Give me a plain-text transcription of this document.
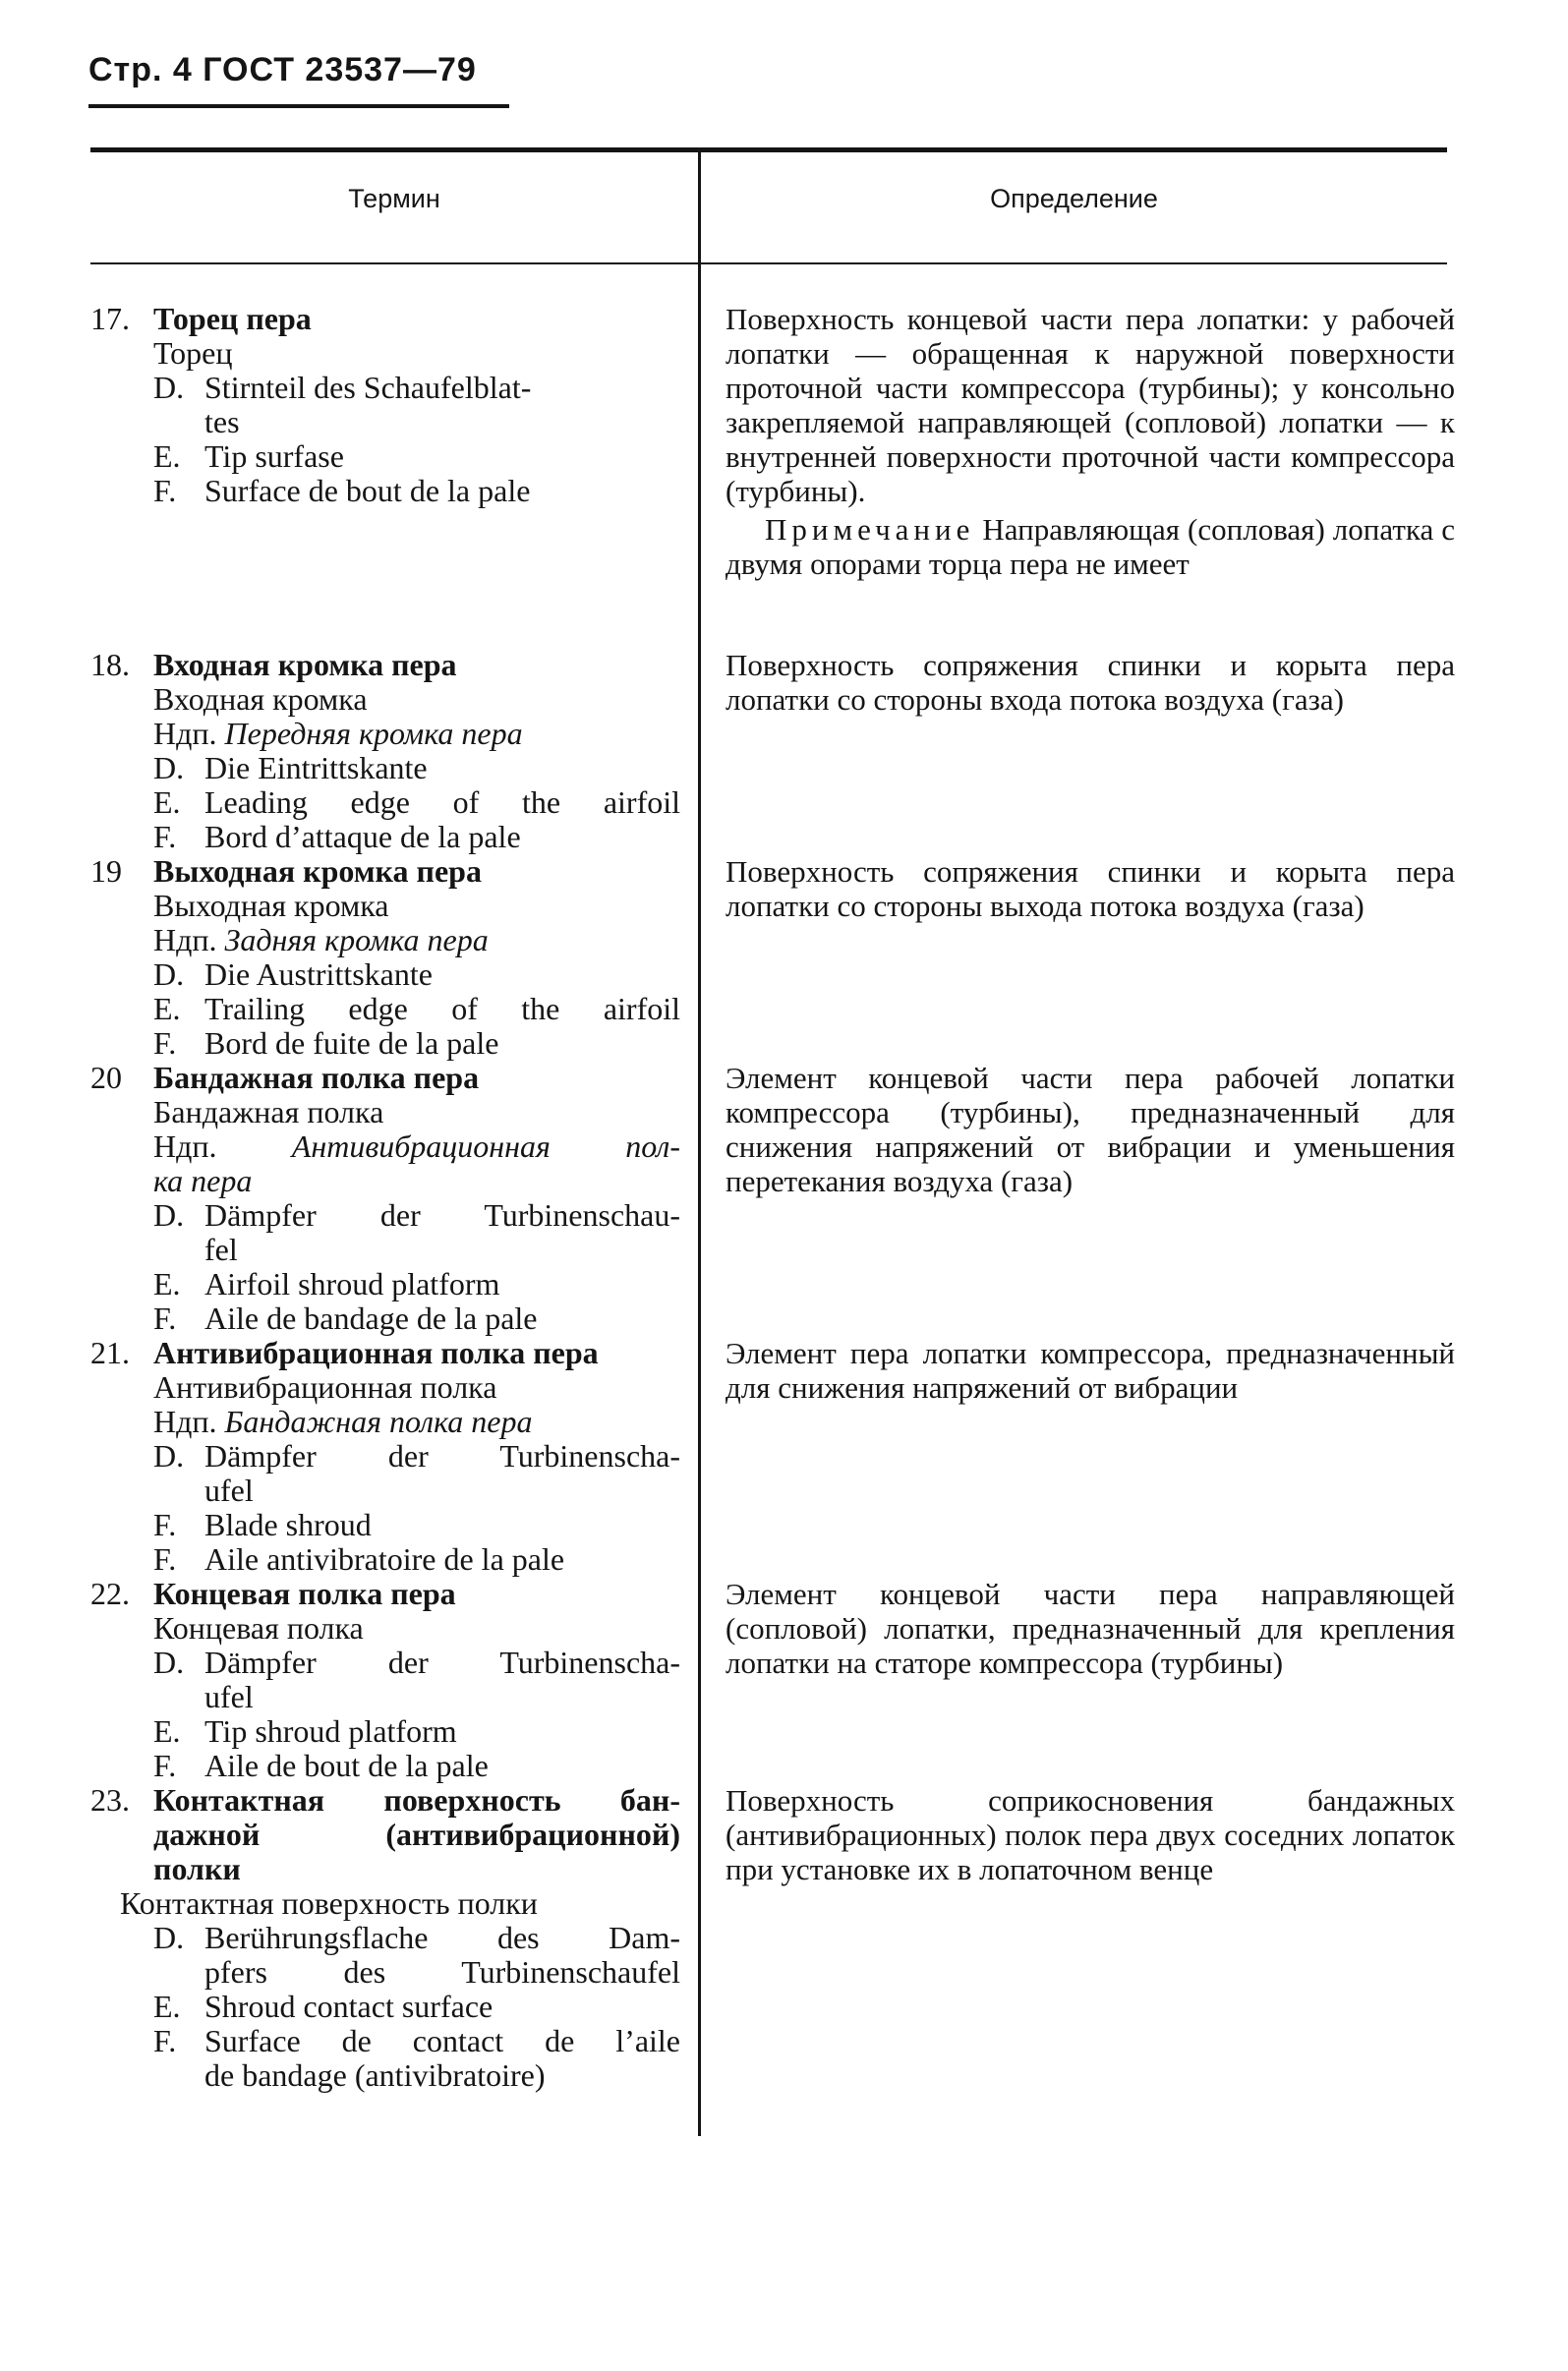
Стр. 4 ГОСТ 23537—79
Термин	Определение
17. Торец пера
Торец
D. Stirnteil des Schaufelblat-
tes
E. Tip surfase
F. Surface de bout de la pale
Поверхность концевой части пера лопатки: у рабочей лопатки — обращенная к наружной поверхности проточной части компрессора (турбины); у консольно закрепляемой направляющей (сопловой) лопатки — к внутренней поверхности проточной части компрессора (турбины).
Примечание Направляющая (сопловая) лопатка с двумя опорами торца пера не имеет
18. Входная кромка пера
Входная кромка
Ндп. Передняя кромка пера
D. Die Eintrittskante
E. Leading edge of the airfoil
F. Bord d’attaque de la pale
Поверхность сопряжения спинки и корыта пера лопатки со стороны входа потока воздуха (газа)
19 Выходная кромка пера
Выходная кромка
Ндп. Задняя кромка пера
D. Die Austrittskante
E. Trailing edge of the airfoil
F. Bord de fuite de la pale
Поверхность сопряжения спинки и корыта пера лопатки со стороны выхода потока воздуха (газа)
20 Бандажная полка пера
Бандажная полка
Ндп. Антивибрационная пол-
ка пера
D. Dämpfer der Turbinenschau-
fel
E. Airfoil shroud platform
F. Aile de bandage de la pale
Элемент концевой части пера рабочей лопатки компрессора (турбины), предназначенный для снижения напряжений от вибрации и уменьшения перетекания воздуха (газа)
21. Антивибрационная полка пера
Антивибрационная полка
Ндп. Бандажная полка пера
D. Dämpfer der Turbinenscha-
ufel
F. Blade shroud
F. Aile antivibratoire de la pale
Элемент пера лопатки компрессора, предназначенный для снижения напряжений от вибрации
22. Концевая полка пера
Концевая полка
D. Dämpfer der Turbinenscha-
ufel
E. Tip shroud platform
F. Aile de bout de la pale
Элемент концевой части пера направляющей (сопловой) лопатки, предназначенный для крепления лопатки на статоре компрессора (турбины)
23. Контактная поверхность бан-
дажной (антивибрационной)
полки
Контактная поверхность полки
D. Berührungsflache des Dam-
pfers des Turbinenschaufel
E. Shroud contact surface
F. Surface de contact de l’aile
de bandage (antivibratoire)
Поверхность соприкосновения бандажных (антивибрационных) полок пера двух соседних лопаток при установке их в лопаточном венце
